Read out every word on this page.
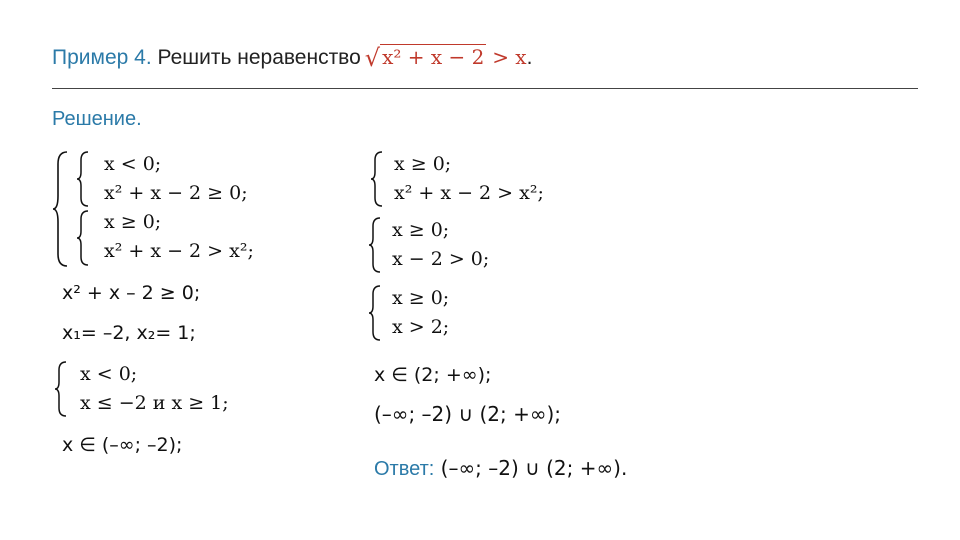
Пример 4. Решить неравенство √ x² + x − 2 > x.
Решение.
x < 0;
x² + x − 2 ≥ 0;
x ≥ 0;
x² + x − 2 > x²;
x² + x – 2 ≥ 0;
x₁= –2, x₂= 1;
x < 0;
x ≤ −2 и x ≥ 1;
x ∈ (–∞; –2);
x ≥ 0;
x² + x − 2 > x²;
x ≥ 0;
x − 2 > 0;
x ≥ 0;
x > 2;
x ∈ (2; +∞);
(–∞; –2) ∪ (2; +∞);
Ответ: (–∞; –2) ∪ (2; +∞).
